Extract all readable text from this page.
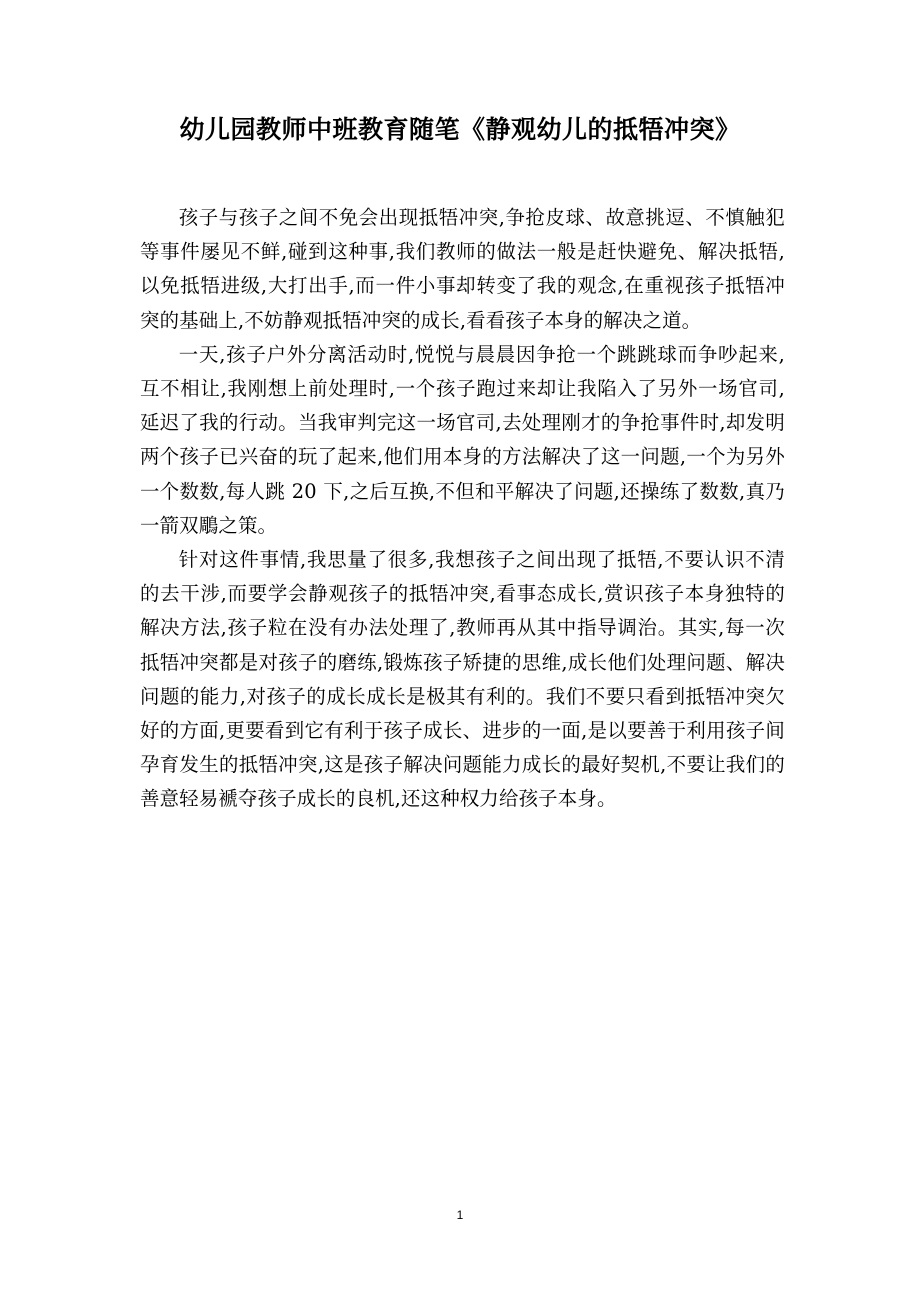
幼儿园教师中班教育随笔《静观幼儿的抵牾冲突》

孩子与孩子之间不免会出现抵牾冲突,争抢皮球、故意挑逗、不慎触犯等事件屡见不鲜,碰到这种事,我们教师的做法一般是赶快避免、解决抵牾,以免抵牾进级,大打出手,而一件小事却转变了我的观念,在重视孩子抵牾冲突的基础上,不妨静观抵牾冲突的成长,看看孩子本身的解决之道。

一天,孩子户外分离活动时,悦悦与晨晨因争抢一个跳跳球而争吵起来,互不相让,我刚想上前处理时,一个孩子跑过来却让我陷入了另外一场官司,延迟了我的行动。当我审判完这一场官司,去处理刚才的争抢事件时,却发明两个孩子已兴奋的玩了起来,他们用本身的方法解决了这一问题,一个为另外一个数数,每人跳 20 下,之后互换,不但和平解决了问题,还操练了数数,真乃一箭双鵰之策。

针对这件事情,我思量了很多,我想孩子之间出现了抵牾,不要认识不清的去干涉,而要学会静观孩子的抵牾冲突,看事态成长,赏识孩子本身独特的解决方法,孩子粒在没有办法处理了,教师再从其中指导调治。其实,每一次抵牾冲突都是对孩子的磨练,锻炼孩子矫捷的思维,成长他们处理问题、解决问题的能力,对孩子的成长成长是极其有利的。我们不要只看到抵牾冲突欠好的方面,更要看到它有利于孩子成长、进步的一面,是以要善于利用孩子间孕育发生的抵牾冲突,这是孩子解决问题能力成长的最好契机,不要让我们的善意轻易褫夺孩子成长的良机,还这种权力给孩子本身。

1
